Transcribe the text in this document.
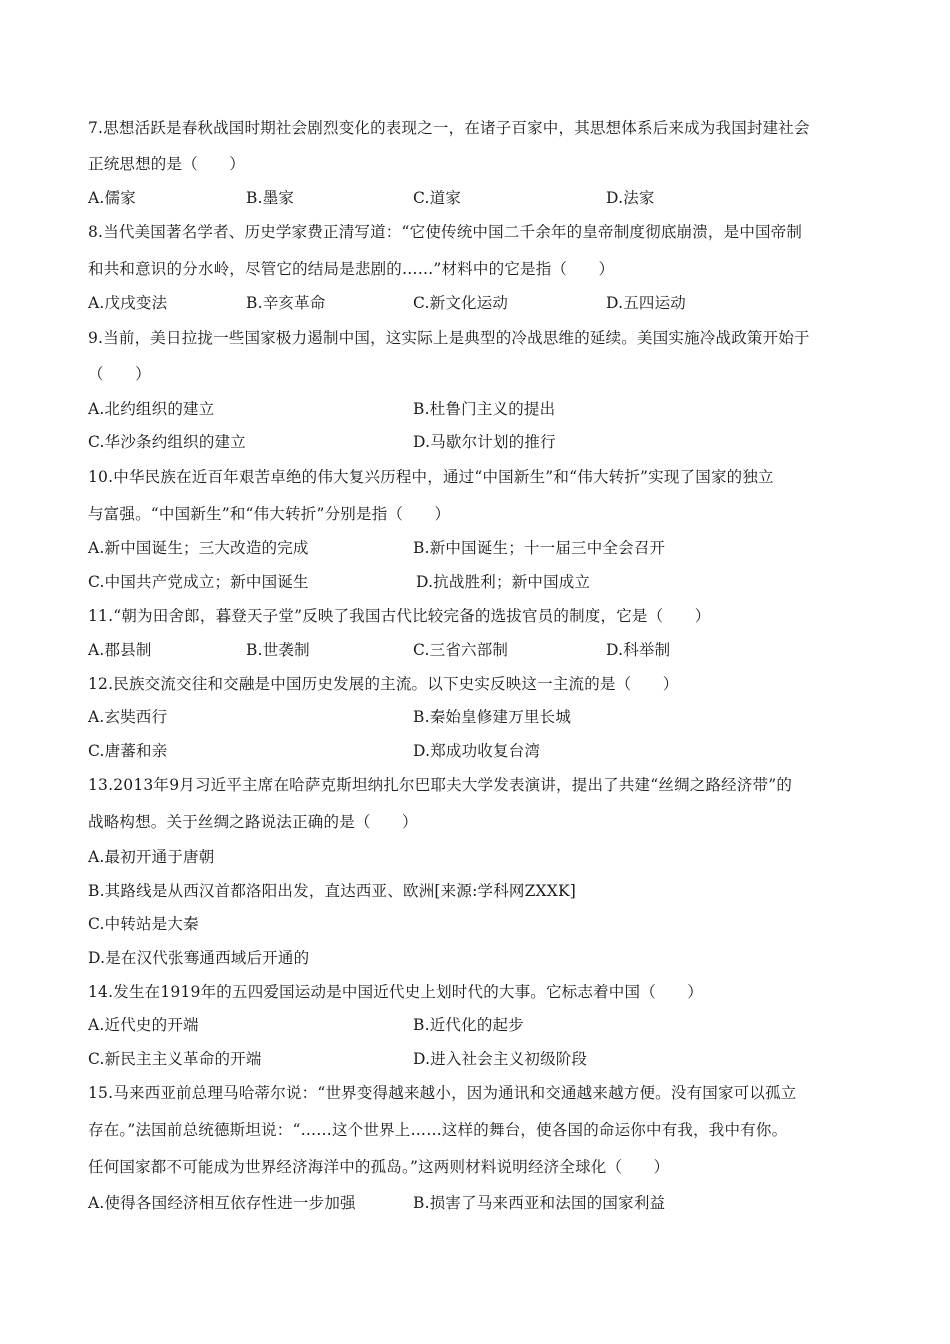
7.思想活跃是春秋战国时期社会剧烈变化的表现之一，在诸子百家中，其思想体系后来成为我国封建社会
正统思想的是（　　）
A.儒家	B.墨家	C.道家	D.法家
8.当代美国著名学者、历史学家费正清写道：“它使传统中国二千余年的皇帝制度彻底崩溃，是中国帝制
和共和意识的分水岭，尽管它的结局是悲剧的……”材料中的它是指（　　）
A.戊戌变法	B.辛亥革命	C.新文化运动	D.五四运动
9.当前，美日拉拢一些国家极力遏制中国，这实际上是典型的冷战思维的延续。美国实施冷战政策开始于
（　　）
A.北约组织的建立	B.杜鲁门主义的提出
C.华沙条约组织的建立	D.马歇尔计划的推行
10.中华民族在近百年艰苦卓绝的伟大复兴历程中，通过“中国新生”和“伟大转折”实现了国家的独立
与富强。“中国新生”和“伟大转折”分别是指（　　）
A.新中国诞生；三大改造的完成	B.新中国诞生；十一届三中全会召开
C.中国共产党成立；新中国诞生	D.抗战胜利；新中国成立
11.“朝为田舍郎，暮登天子堂”反映了我国古代比较完备的选拔官员的制度，它是（　　）
A.郡县制	B.世袭制	C.三省六部制	D.科举制
12.民族交流交往和交融是中国历史发展的主流。以下史实反映这一主流的是（　　）
A.玄奘西行	B.秦始皇修建万里长城
C.唐蕃和亲	D.郑成功收复台湾
13.2013年9月习近平主席在哈萨克斯坦纳扎尔巴耶夫大学发表演讲，提出了共建“丝绸之路经济带”的
战略构想。关于丝绸之路说法正确的是（　　）
A.最初开通于唐朝
B.其路线是从西汉首都洛阳出发，直达西亚、欧洲[来源:学科网ZXXK]
C.中转站是大秦
D.是在汉代张骞通西域后开通的
14.发生在1919年的五四爱国运动是中国近代史上划时代的大事。它标志着中国（　　）
A.近代史的开端	B.近代化的起步
C.新民主主义革命的开端	D.进入社会主义初级阶段
15.马来西亚前总理马哈蒂尔说：“世界变得越来越小，因为通讯和交通越来越方便。没有国家可以孤立
存在。”法国前总统德斯坦说：“……这个世界上……这样的舞台，使各国的命运你中有我，我中有你。
任何国家都不可能成为世界经济海洋中的孤岛。”这两则材料说明经济全球化（　　）
A.使得各国经济相互依存性进一步加强	B.损害了马来西亚和法国的国家利益
